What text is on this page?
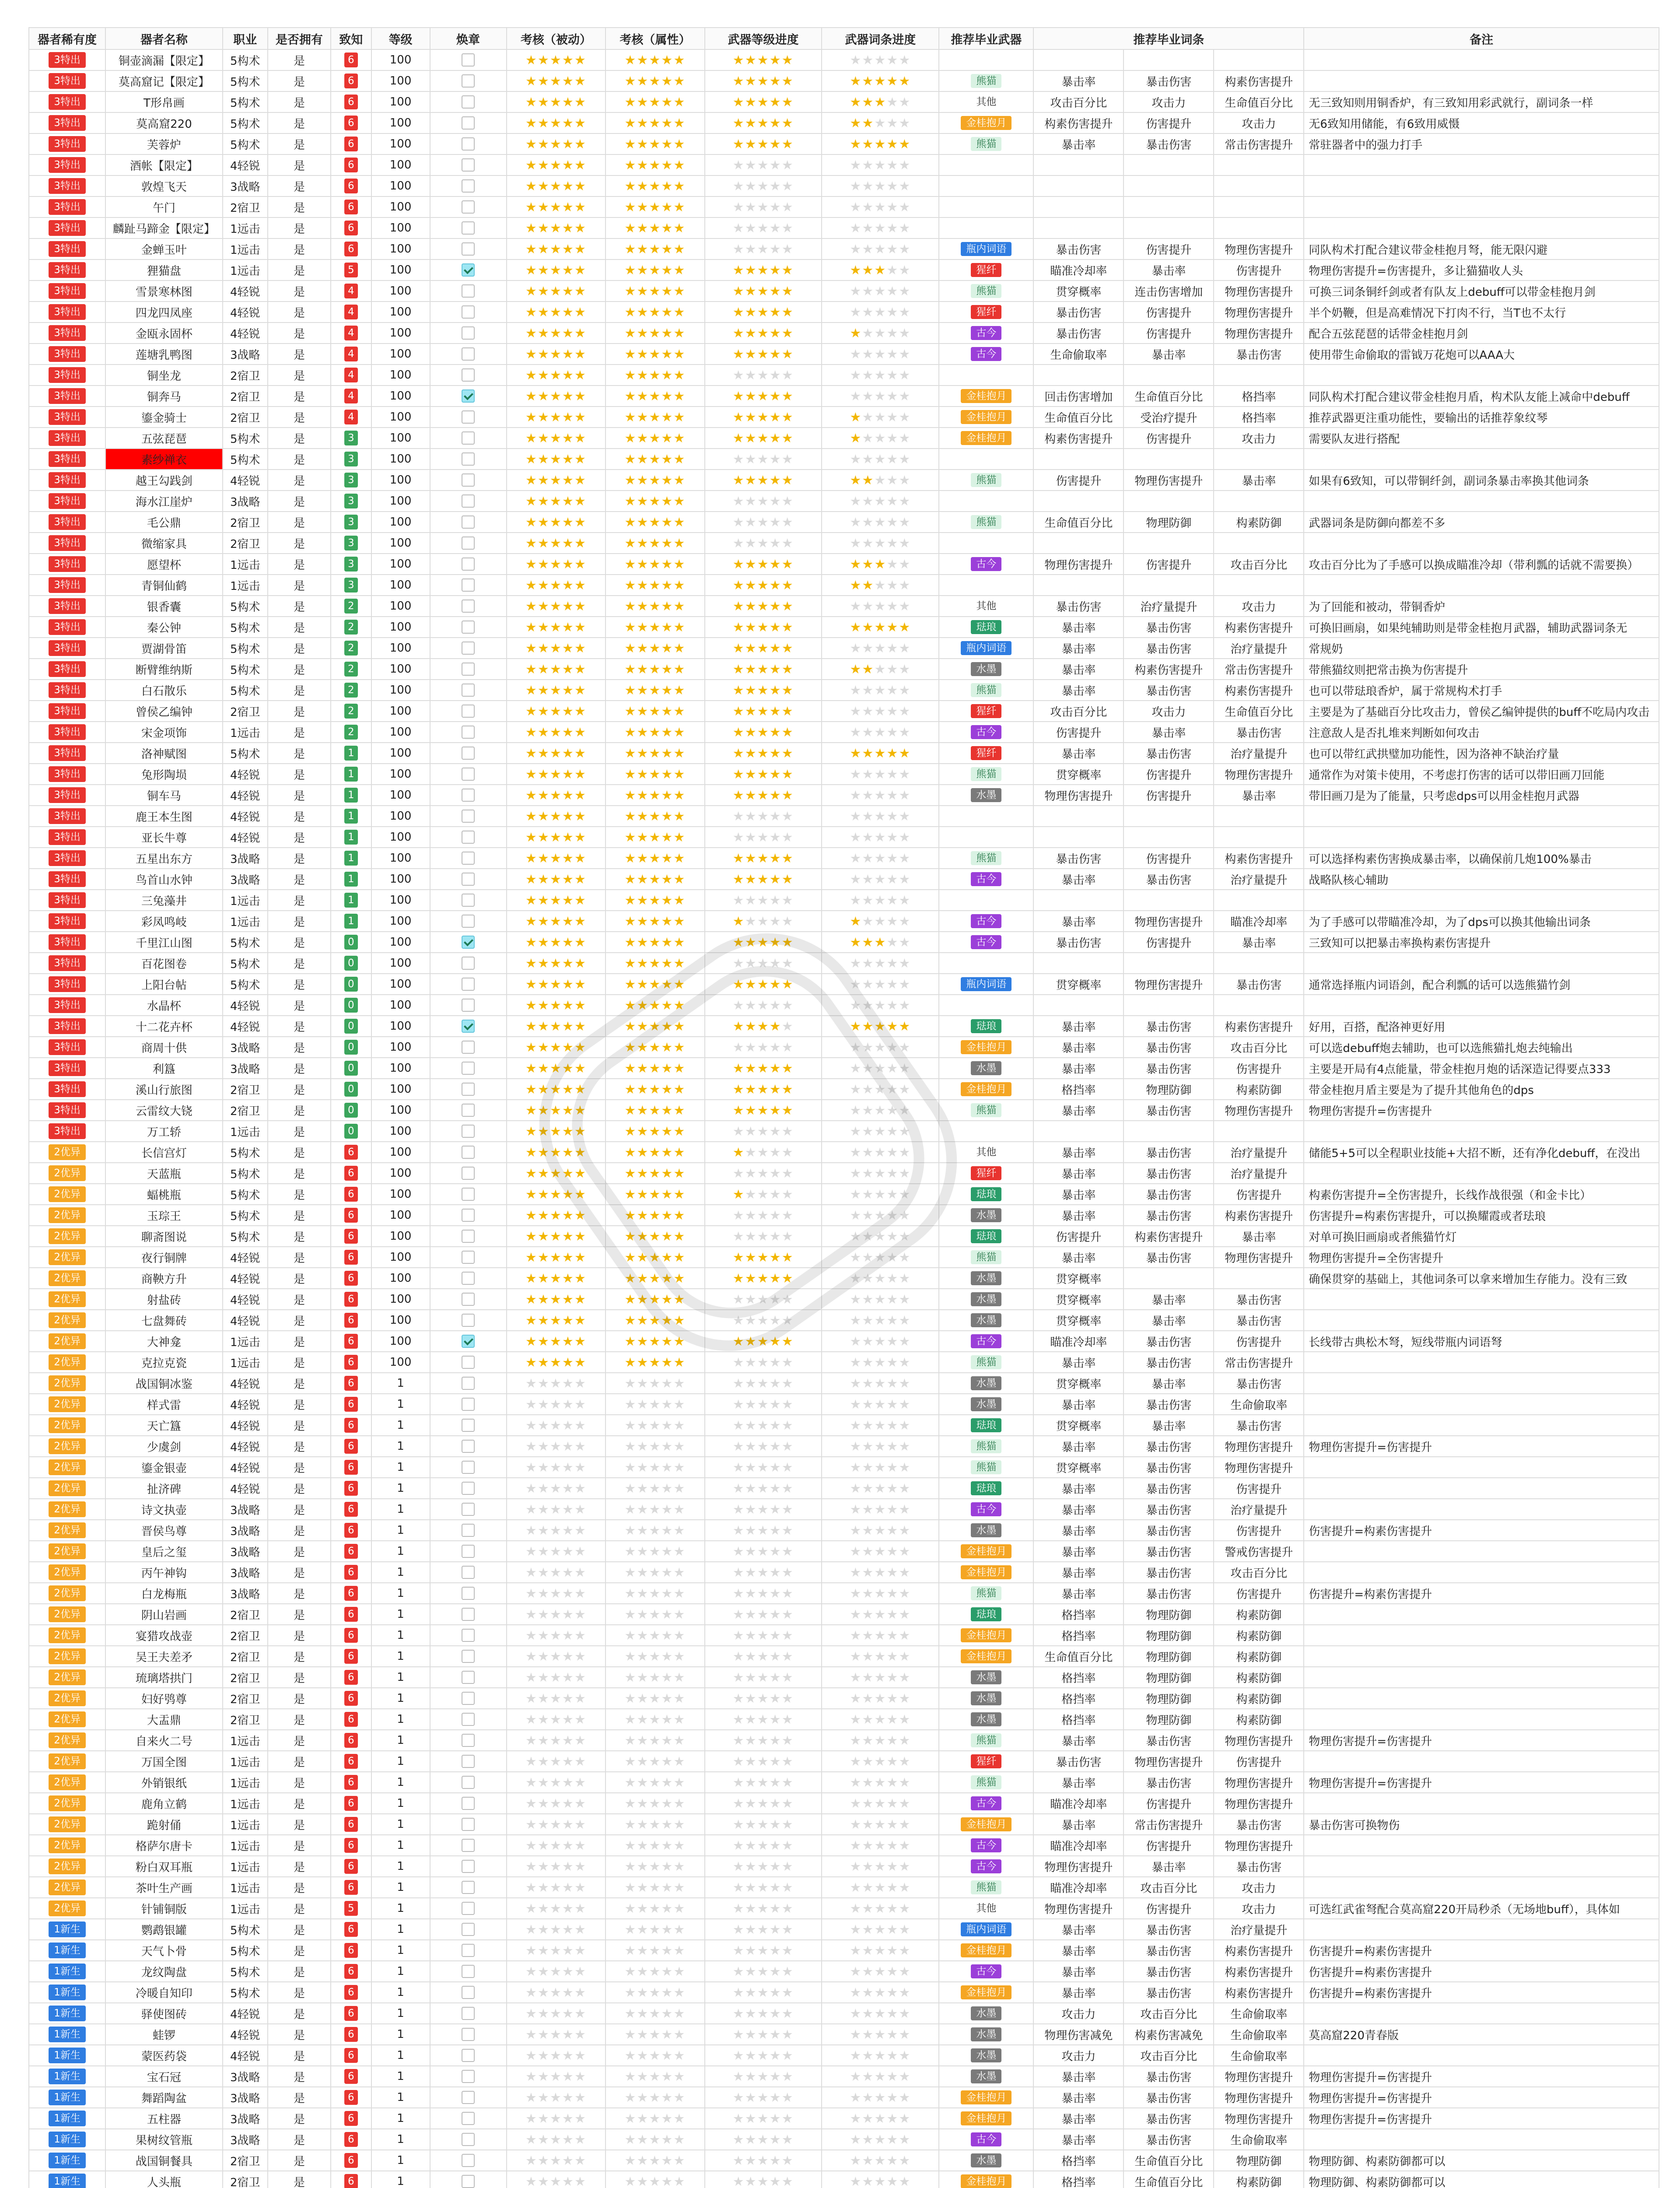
器者稀有度	器者名称	职业	是否拥有	致知	等级	焕章	考核（被动）	考核（属性）	武器等级进度	武器词条进度	推荐毕业武器	推荐毕业词条			备注
3特出	铜壶滴漏【限定】	5构术	是	6	100		★★★★★	★★★★★	★★★★★	★★★★★					
3特出	莫高窟记【限定】	5构术	是	6	100		★★★★★	★★★★★	★★★★★	★★★★★	熊猫	暴击率	暴击伤害	构素伤害提升	
3特出	T形帛画	5构术	是	6	100		★★★★★	★★★★★	★★★★★	★★★★★	其他	攻击百分比	攻击力	生命值百分比	无三致知则用铜香炉，有三致知用彩武就行，副词条一样
3特出	莫高窟220	5构术	是	6	100		★★★★★	★★★★★	★★★★★	★★★★★	金桂抱月	构素伤害提升	伤害提升	攻击力	无6致知用储能，有6致用威慑
3特出	芙蓉炉	5构术	是	6	100		★★★★★	★★★★★	★★★★★	★★★★★	熊猫	暴击率	暴击伤害	常击伤害提升	常驻器者中的强力打手
3特出	酒帐【限定】	4轻锐	是	6	100		★★★★★	★★★★★	★★★★★	★★★★★					
3特出	敦煌飞天	3战略	是	6	100		★★★★★	★★★★★	★★★★★	★★★★★					
3特出	午门	2宿卫	是	6	100		★★★★★	★★★★★	★★★★★	★★★★★					
3特出	麟趾马蹄金【限定】	1远击	是	6	100		★★★★★	★★★★★	★★★★★	★★★★★					
3特出	金蝉玉叶	1远击	是	6	100		★★★★★	★★★★★	★★★★★	★★★★★	瓶内词语	暴击伤害	伤害提升	物理伤害提升	同队构术打配合建议带金桂抱月弩，能无限闪避
3特出	狸猫盘	1远击	是	5	100		★★★★★	★★★★★	★★★★★	★★★★★	猩纤	瞄准冷却率	暴击率	伤害提升	物理伤害提升=伤害提升，多让猫猫收人头
3特出	雪景寒林图	4轻锐	是	4	100		★★★★★	★★★★★	★★★★★	★★★★★	熊猫	贯穿概率	连击伤害增加	物理伤害提升	可换三词条铜纤剑或者有队友上debuff可以带金桂抱月剑
3特出	四龙四凤座	4轻锐	是	4	100		★★★★★	★★★★★	★★★★★	★★★★★	猩纤	暴击伤害	伤害提升	物理伤害提升	半个奶鞭，但是高难情况下打肉不行，当T也不太行
3特出	金瓯永固杯	4轻锐	是	4	100		★★★★★	★★★★★	★★★★★	★★★★★	古今	暴击伤害	伤害提升	物理伤害提升	配合五弦琵琶的话带金桂抱月剑
3特出	莲塘乳鸭图	3战略	是	4	100		★★★★★	★★★★★	★★★★★	★★★★★	古今	生命偷取率	暴击率	暴击伤害	使用带生命偷取的雷钺万花炮可以AAA大
3特出	铜坐龙	2宿卫	是	4	100		★★★★★	★★★★★	★★★★★	★★★★★					
3特出	铜奔马	2宿卫	是	4	100		★★★★★	★★★★★	★★★★★	★★★★★	金桂抱月	回击伤害增加	生命值百分比	格挡率	同队构术打配合建议带金桂抱月盾，构术队友能上减命中debuff
3特出	鎏金骑士	2宿卫	是	4	100		★★★★★	★★★★★	★★★★★	★★★★★	金桂抱月	生命值百分比	受治疗提升	格挡率	推荐武器更注重功能性，要输出的话推荐象纹琴
3特出	五弦琵琶	5构术	是	3	100		★★★★★	★★★★★	★★★★★	★★★★★	金桂抱月	构素伤害提升	伤害提升	攻击力	需要队友进行搭配
3特出	素纱禅衣	5构术	是	3	100		★★★★★	★★★★★	★★★★★	★★★★★					
3特出	越王勾践剑	4轻锐	是	3	100		★★★★★	★★★★★	★★★★★	★★★★★	熊猫	伤害提升	物理伤害提升	暴击率	如果有6致知，可以带铜纤剑，副词条暴击率换其他词条
3特出	海水江崖炉	3战略	是	3	100		★★★★★	★★★★★	★★★★★	★★★★★					
3特出	毛公鼎	2宿卫	是	3	100		★★★★★	★★★★★	★★★★★	★★★★★	熊猫	生命值百分比	物理防御	构素防御	武器词条是防御向都差不多
3特出	微缩家具	2宿卫	是	3	100		★★★★★	★★★★★	★★★★★	★★★★★					
3特出	愿望杯	1远击	是	3	100		★★★★★	★★★★★	★★★★★	★★★★★	古今	物理伤害提升	伤害提升	攻击百分比	攻击百分比为了手感可以换成瞄准冷却（带利瓢的话就不需要换）
3特出	青铜仙鹤	1远击	是	3	100		★★★★★	★★★★★	★★★★★	★★★★★					
3特出	银香囊	5构术	是	2	100		★★★★★	★★★★★	★★★★★	★★★★★	其他	暴击伤害	治疗量提升	攻击力	为了回能和被动，带铜香炉
3特出	秦公钟	5构术	是	2	100		★★★★★	★★★★★	★★★★★	★★★★★	琺琅	暴击率	暴击伤害	构素伤害提升	可换旧画扇，如果纯辅助则是带金桂抱月武器，辅助武器词条无
3特出	贾湖骨笛	5构术	是	2	100		★★★★★	★★★★★	★★★★★	★★★★★	瓶内词语	暴击率	暴击伤害	治疗量提升	常规奶
3特出	断臂维纳斯	5构术	是	2	100		★★★★★	★★★★★	★★★★★	★★★★★	水墨	暴击率	构素伤害提升	常击伤害提升	带熊猫纹则把常击换为伤害提升
3特出	白石散乐	5构术	是	2	100		★★★★★	★★★★★	★★★★★	★★★★★	熊猫	暴击率	暴击伤害	构素伤害提升	也可以带琺琅香炉，属于常规构术打手
3特出	曾侯乙编钟	2宿卫	是	2	100		★★★★★	★★★★★	★★★★★	★★★★★	猩纤	攻击百分比	攻击力	生命值百分比	主要是为了基础百分比攻击力，曾侯乙编钟提供的buff不吃局内攻击
3特出	宋金项饰	1远击	是	2	100		★★★★★	★★★★★	★★★★★	★★★★★	古今	伤害提升	暴击率	暴击伤害	注意敌人是否扎堆来判断如何攻击
3特出	洛神赋图	5构术	是	1	100		★★★★★	★★★★★	★★★★★	★★★★★	猩纤	暴击率	暴击伤害	治疗量提升	也可以带红武拱璧加功能性，因为洛神不缺治疗量
3特出	兔形陶埙	4轻锐	是	1	100		★★★★★	★★★★★	★★★★★	★★★★★	熊猫	贯穿概率	伤害提升	物理伤害提升	通常作为对策卡使用，不考虑打伤害的话可以带旧画刀回能
3特出	铜车马	4轻锐	是	1	100		★★★★★	★★★★★	★★★★★	★★★★★	水墨	物理伤害提升	伤害提升	暴击率	带旧画刀是为了能量，只考虑dps可以用金桂抱月武器
3特出	鹿王本生图	4轻锐	是	1	100		★★★★★	★★★★★	★★★★★	★★★★★					
3特出	亚长牛尊	4轻锐	是	1	100		★★★★★	★★★★★	★★★★★	★★★★★					
3特出	五星出东方	3战略	是	1	100		★★★★★	★★★★★	★★★★★	★★★★★	熊猫	暴击伤害	伤害提升	构素伤害提升	可以选择构素伤害换成暴击率，以确保前几炮100%暴击
3特出	鸟首山水钟	3战略	是	1	100		★★★★★	★★★★★	★★★★★	★★★★★	古今	暴击率	暴击伤害	治疗量提升	战略队核心辅助
3特出	三兔藻井	1远击	是	1	100		★★★★★	★★★★★	★★★★★	★★★★★					
3特出	彩凤鸣岐	1远击	是	1	100		★★★★★	★★★★★	★★★★★	★★★★★	古今	暴击率	物理伤害提升	瞄准冷却率	为了手感可以带瞄准冷却，为了dps可以换其他输出词条
3特出	千里江山图	5构术	是	0	100		★★★★★	★★★★★	★★★★★	★★★★★	古今	暴击伤害	伤害提升	暴击率	三致知可以把暴击率换构素伤害提升
3特出	百花图卷	5构术	是	0	100		★★★★★	★★★★★	★★★★★	★★★★★					
3特出	上阳台帖	5构术	是	0	100		★★★★★	★★★★★	★★★★★	★★★★★	瓶内词语	贯穿概率	物理伤害提升	暴击伤害	通常选择瓶内词语剑，配合利瓢的话可以选熊猫竹剑
3特出	水晶杯	4轻锐	是	0	100		★★★★★	★★★★★	★★★★★	★★★★★					
3特出	十二花卉杯	4轻锐	是	0	100		★★★★★	★★★★★	★★★★★	★★★★★	琺琅	暴击率	暴击伤害	构素伤害提升	好用，百搭，配洛神更好用
3特出	商周十供	3战略	是	0	100		★★★★★	★★★★★	★★★★★	★★★★★	金桂抱月	暴击率	暴击伤害	攻击百分比	可以选debuff炮去辅助，也可以选熊猫扎炮去纯输出
3特出	利簋	3战略	是	0	100		★★★★★	★★★★★	★★★★★	★★★★★	水墨	暴击率	暴击伤害	伤害提升	主要是开局有4点能量，带金桂抱月炮的话深造记得要点333
3特出	溪山行旅图	2宿卫	是	0	100		★★★★★	★★★★★	★★★★★	★★★★★	金桂抱月	格挡率	物理防御	构素防御	带金桂抱月盾主要是为了提升其他角色的dps
3特出	云雷纹大铙	2宿卫	是	0	100		★★★★★	★★★★★	★★★★★	★★★★★	熊猫	暴击率	暴击伤害	物理伤害提升	物理伤害提升=伤害提升
3特出	万工轿	1远击	是	0	100		★★★★★	★★★★★	★★★★★	★★★★★					
2优异	长信宫灯	5构术	是	6	100		★★★★★	★★★★★	★★★★★	★★★★★	其他	暴击率	暴击伤害	治疗量提升	储能5+5可以全程职业技能+大招不断，还有净化debuff，在没出
2优异	天蓝瓶	5构术	是	6	100		★★★★★	★★★★★	★★★★★	★★★★★	猩纤	暴击率	暴击伤害	治疗量提升	
2优异	蝠桃瓶	5构术	是	6	100		★★★★★	★★★★★	★★★★★	★★★★★	琺琅	暴击率	暴击伤害	伤害提升	构素伤害提升=全伤害提升，长线作战很强（和金卡比）
2优异	玉琮王	5构术	是	6	100		★★★★★	★★★★★	★★★★★	★★★★★	水墨	暴击率	暴击伤害	构素伤害提升	伤害提升=构素伤害提升，可以换耀霞或者珐琅
2优异	聊斋图说	5构术	是	6	100		★★★★★	★★★★★	★★★★★	★★★★★	琺琅	伤害提升	构素伤害提升	暴击率	对单可换旧画扇或者熊猫竹灯
2优异	夜行铜牌	4轻锐	是	6	100		★★★★★	★★★★★	★★★★★	★★★★★	熊猫	暴击率	暴击伤害	物理伤害提升	物理伤害提升=全伤害提升
2优异	商鞅方升	4轻锐	是	6	100		★★★★★	★★★★★	★★★★★	★★★★★	水墨	贯穿概率			确保贯穿的基础上，其他词条可以拿来增加生存能力。没有三致
2优异	射盐砖	4轻锐	是	6	100		★★★★★	★★★★★	★★★★★	★★★★★	水墨	贯穿概率	暴击率	暴击伤害	
2优异	七盘舞砖	4轻锐	是	6	100		★★★★★	★★★★★	★★★★★	★★★★★	水墨	贯穿概率	暴击率	暴击伤害	
2优异	大神龛	1远击	是	6	100		★★★★★	★★★★★	★★★★★	★★★★★	古今	瞄准冷却率	暴击伤害	伤害提升	长线带古典松木弩，短线带瓶内词语弩
2优异	克拉克瓷	1远击	是	6	100		★★★★★	★★★★★	★★★★★	★★★★★	熊猫	暴击率	暴击伤害	常击伤害提升	
2优异	战国铜冰鉴	4轻锐	是	6	1		★★★★★	★★★★★	★★★★★	★★★★★	水墨	贯穿概率	暴击率	暴击伤害	
2优异	样式雷	4轻锐	是	6	1		★★★★★	★★★★★	★★★★★	★★★★★	水墨	暴击率	暴击伤害	生命偷取率	
2优异	天亡簋	4轻锐	是	6	1		★★★★★	★★★★★	★★★★★	★★★★★	琺琅	贯穿概率	暴击率	暴击伤害	
2优异	少虞剑	4轻锐	是	6	1		★★★★★	★★★★★	★★★★★	★★★★★	熊猫	暴击率	暴击伤害	物理伤害提升	物理伤害提升=伤害提升
2优异	鎏金银壶	4轻锐	是	6	1		★★★★★	★★★★★	★★★★★	★★★★★	熊猫	贯穿概率	暴击伤害	物理伤害提升	
2优异	扯济碑	4轻锐	是	6	1		★★★★★	★★★★★	★★★★★	★★★★★	琺琅	暴击率	暴击伤害	伤害提升	
2优异	诗文执壶	3战略	是	6	1		★★★★★	★★★★★	★★★★★	★★★★★	古今	暴击率	暴击伤害	治疗量提升	
2优异	晋侯鸟尊	3战略	是	6	1		★★★★★	★★★★★	★★★★★	★★★★★	水墨	暴击率	暴击伤害	伤害提升	伤害提升=构素伤害提升
2优异	皇后之玺	3战略	是	6	1		★★★★★	★★★★★	★★★★★	★★★★★	金桂抱月	暴击率	暴击伤害	警戒伤害提升	
2优异	丙午神钩	3战略	是	6	1		★★★★★	★★★★★	★★★★★	★★★★★	金桂抱月	暴击率	暴击伤害	攻击百分比	
2优异	白龙梅瓶	3战略	是	6	1		★★★★★	★★★★★	★★★★★	★★★★★	熊猫	暴击率	暴击伤害	伤害提升	伤害提升=构素伤害提升
2优异	阴山岩画	2宿卫	是	6	1		★★★★★	★★★★★	★★★★★	★★★★★	琺琅	格挡率	物理防御	构素防御	
2优异	宴猎攻战壶	2宿卫	是	6	1		★★★★★	★★★★★	★★★★★	★★★★★	金桂抱月	格挡率	物理防御	构素防御	
2优异	吴王夫差矛	2宿卫	是	6	1		★★★★★	★★★★★	★★★★★	★★★★★	金桂抱月	生命值百分比	物理防御	构素防御	
2优异	琉璃塔拱门	2宿卫	是	6	1		★★★★★	★★★★★	★★★★★	★★★★★	水墨	格挡率	物理防御	构素防御	
2优异	妇好鸮尊	2宿卫	是	6	1		★★★★★	★★★★★	★★★★★	★★★★★	水墨	格挡率	物理防御	构素防御	
2优异	大盂鼎	2宿卫	是	6	1		★★★★★	★★★★★	★★★★★	★★★★★	水墨	格挡率	物理防御	构素防御	
2优异	自来火二号	1远击	是	6	1		★★★★★	★★★★★	★★★★★	★★★★★	熊猫	暴击率	暴击伤害	物理伤害提升	物理伤害提升=伤害提升
2优异	万国全图	1远击	是	6	1		★★★★★	★★★★★	★★★★★	★★★★★	猩纤	暴击伤害	物理伤害提升	伤害提升	
2优异	外销银纸	1远击	是	6	1		★★★★★	★★★★★	★★★★★	★★★★★	熊猫	暴击率	暴击伤害	物理伤害提升	物理伤害提升=伤害提升
2优异	鹿角立鹤	1远击	是	6	1		★★★★★	★★★★★	★★★★★	★★★★★	古今	瞄准冷却率	伤害提升	物理伤害提升	
2优异	跪射俑	1远击	是	6	1		★★★★★	★★★★★	★★★★★	★★★★★	金桂抱月	暴击率	常击伤害提升	暴击伤害	暴击伤害可换物伤
2优异	格萨尔唐卡	1远击	是	6	1		★★★★★	★★★★★	★★★★★	★★★★★	古今	瞄准冷却率	伤害提升	物理伤害提升	
2优异	粉白双耳瓶	1远击	是	6	1		★★★★★	★★★★★	★★★★★	★★★★★	古今	物理伤害提升	暴击率	暴击伤害	
2优异	茶叶生产画	1远击	是	6	1		★★★★★	★★★★★	★★★★★	★★★★★	熊猫	瞄准冷却率	攻击百分比	攻击力	
2优异	针铺铜版	1远击	是	5	1		★★★★★	★★★★★	★★★★★	★★★★★	其他	物理伤害提升	伤害提升	攻击力	可选红武雀弩配合莫高窟220开局秒杀（无场地buff），具体如
1新生	鹦鹉银罐	5构术	是	6	1		★★★★★	★★★★★	★★★★★	★★★★★	瓶内词语	暴击率	暴击伤害	治疗量提升	
1新生	天气卜骨	5构术	是	6	1		★★★★★	★★★★★	★★★★★	★★★★★	金桂抱月	暴击率	暴击伤害	构素伤害提升	伤害提升=构素伤害提升
1新生	龙纹陶盘	5构术	是	6	1		★★★★★	★★★★★	★★★★★	★★★★★	古今	暴击率	暴击伤害	构素伤害提升	伤害提升=构素伤害提升
1新生	冷暖自知印	5构术	是	6	1		★★★★★	★★★★★	★★★★★	★★★★★	金桂抱月	暴击率	暴击伤害	构素伤害提升	伤害提升=构素伤害提升
1新生	驿使图砖	4轻锐	是	6	1		★★★★★	★★★★★	★★★★★	★★★★★	水墨	攻击力	攻击百分比	生命偷取率	
1新生	蛙锣	4轻锐	是	6	1		★★★★★	★★★★★	★★★★★	★★★★★	水墨	物理伤害减免	构素伤害减免	生命偷取率	莫高窟220青春版
1新生	蒙医药袋	4轻锐	是	6	1		★★★★★	★★★★★	★★★★★	★★★★★	水墨	攻击力	攻击百分比	生命偷取率	
1新生	宝石冠	3战略	是	6	1		★★★★★	★★★★★	★★★★★	★★★★★	水墨	暴击率	暴击伤害	物理伤害提升	物理伤害提升=伤害提升
1新生	舞蹈陶盆	3战略	是	6	1		★★★★★	★★★★★	★★★★★	★★★★★	金桂抱月	暴击率	暴击伤害	物理伤害提升	物理伤害提升=伤害提升
1新生	五柱器	3战略	是	6	1		★★★★★	★★★★★	★★★★★	★★★★★	金桂抱月	暴击率	暴击伤害	物理伤害提升	物理伤害提升=伤害提升
1新生	果树纹管瓶	3战略	是	6	1		★★★★★	★★★★★	★★★★★	★★★★★	古今	暴击率	暴击伤害	生命偷取率	
1新生	战国铜餐具	2宿卫	是	6	1		★★★★★	★★★★★	★★★★★	★★★★★	水墨	格挡率	生命值百分比	物理防御	物理防御、构素防御都可以
1新生	人头瓶	2宿卫	是	6	1		★★★★★	★★★★★	★★★★★	★★★★★	金桂抱月	格挡率	生命值百分比	构素防御	物理防御、构素防御都可以
